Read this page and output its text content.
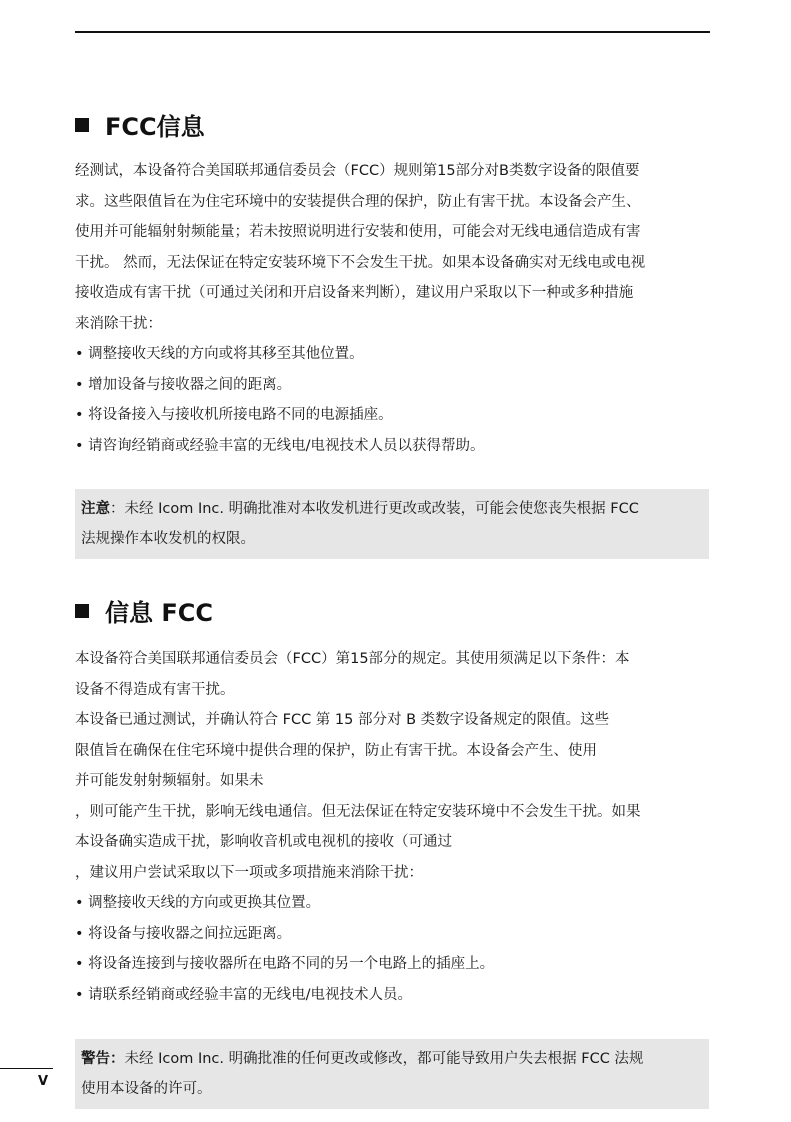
FCC信息
经测试，本设备符合美国联邦通信委员会（FCC）规则第15部分对B类数字设备的限值要
求。这些限值旨在为住宅环境中的安装提供合理的保护，防止有害干扰。本设备会产生、
使用并可能辐射射频能量；若未按照说明进行安装和使用，可能会对无线电通信造成有害
干扰。 然而，无法保证在特定安装环境下不会发生干扰。如果本设备确实对无线电或电视
接收造成有害干扰（可通过关闭和开启设备来判断），建议用户采取以下一种或多种措施
来消除干扰：
• 调整接收天线的方向或将其移至其他位置。
• 增加设备与接收器之间的距离。
• 将设备接入与接收机所接电路不同的电源插座。
• 请咨询经销商或经验丰富的无线电/电视技术人员以获得帮助。
注意：未经 Icom Inc. 明确批准对本收发机进行更改或改装，可能会使您丧失根据 FCC
法规操作本收发机的权限。
信息 FCC
本设备符合美国联邦通信委员会（FCC）第15部分的规定。其使用须满足以下条件：本
设备不得造成有害干扰。
本设备已通过测试，并确认符合 FCC 第 15 部分对 B 类数字设备规定的限值。这些
限值旨在确保在住宅环境中提供合理的保护，防止有害干扰。本设备会产生、使用
并可能发射射频辐射。如果未
，则可能产生干扰，影响无线电通信。但无法保证在特定安装环境中不会发生干扰。如果
本设备确实造成干扰，影响收音机或电视机的接收（可通过
，建议用户尝试采取以下一项或多项措施来消除干扰：
• 调整接收天线的方向或更换其位置。
• 将设备与接收器之间拉远距离。
• 将设备连接到与接收器所在电路不同的另一个电路上的插座上。
• 请联系经销商或经验丰富的无线电/电视技术人员。
警告：未经 Icom Inc. 明确批准的任何更改或修改，都可能导致用户失去根据 FCC 法规
使用本设备的许可。
V
